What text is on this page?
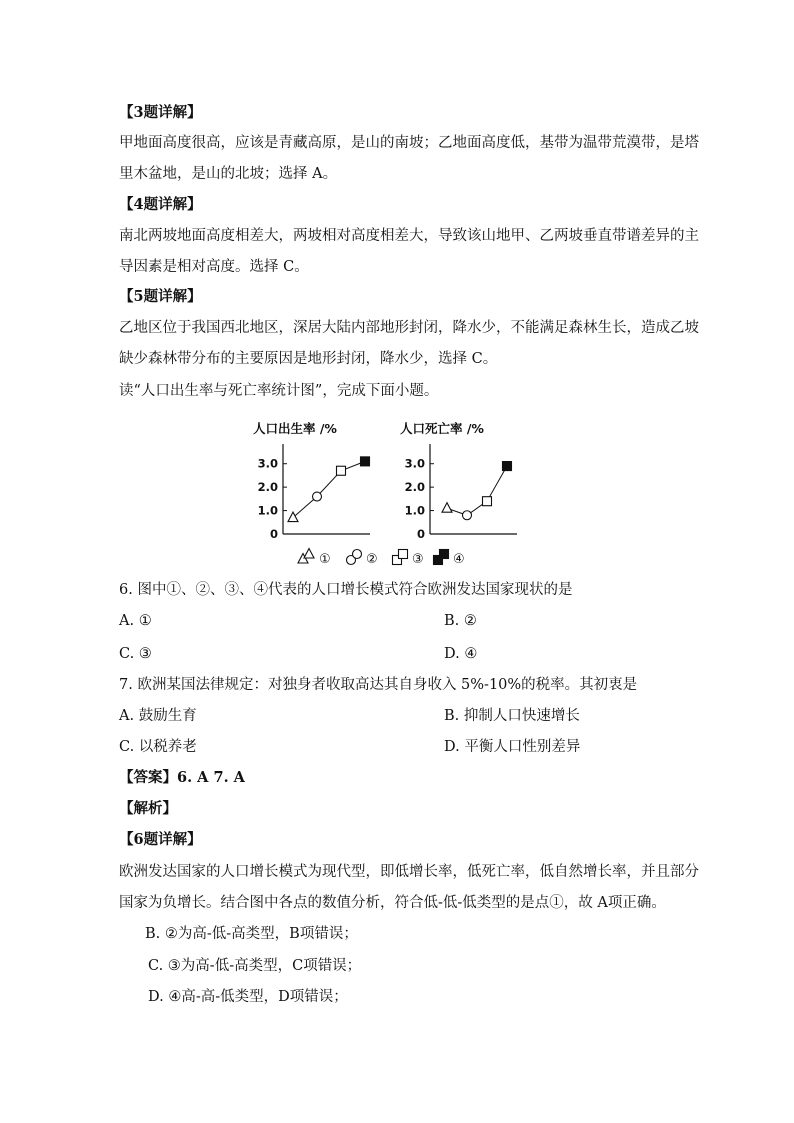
【3题详解】
甲地面高度很高，应该是青藏高原，是山的南坡；乙地面高度低，基带为温带荒漠带，是塔
里木盆地，是山的北坡；选择 A。
【4题详解】
南北两坡地面高度相差大，两坡相对高度相差大，导致该山地甲、乙两坡垂直带谱差异的主
导因素是相对高度。选择 C。
【5题详解】
乙地区位于我国西北地区，深居大陆内部地形封闭，降水少，不能满足森林生长，造成乙坡
缺少森林带分布的主要原因是地形封闭，降水少，选择 C。
读“人口出生率与死亡率统计图”，完成下面小题。
人口出生率 /%
0
1.0
2.0
3.0
人口死亡率 /%
0
1.0
2.0
3.0
①	②	③ ④
6. 图中①、②、③、④代表的人口增长模式符合欧洲发达国家现状的是
A. ①	B. ②
C. ③	D. ④
7. 欧洲某国法律规定：对独身者收取高达其自身收入 5%-10%的税率。其初衷是
A. 鼓励生育	B. 抑制人口快速增长
C. 以税养老	D. 平衡人口性别差异
【答案】6. A 7. A
【解析】
【6题详解】
欧洲发达国家的人口增长模式为现代型，即低增长率，低死亡率，低自然增长率，并且部分
国家为负增长。结合图中各点的数值分析，符合低-低-低类型的是点①，故 A项正确。
B. ②为高-低-高类型，B项错误；
C. ③为高-低-高类型，C项错误；
D. ④高-高-低类型，D项错误；
